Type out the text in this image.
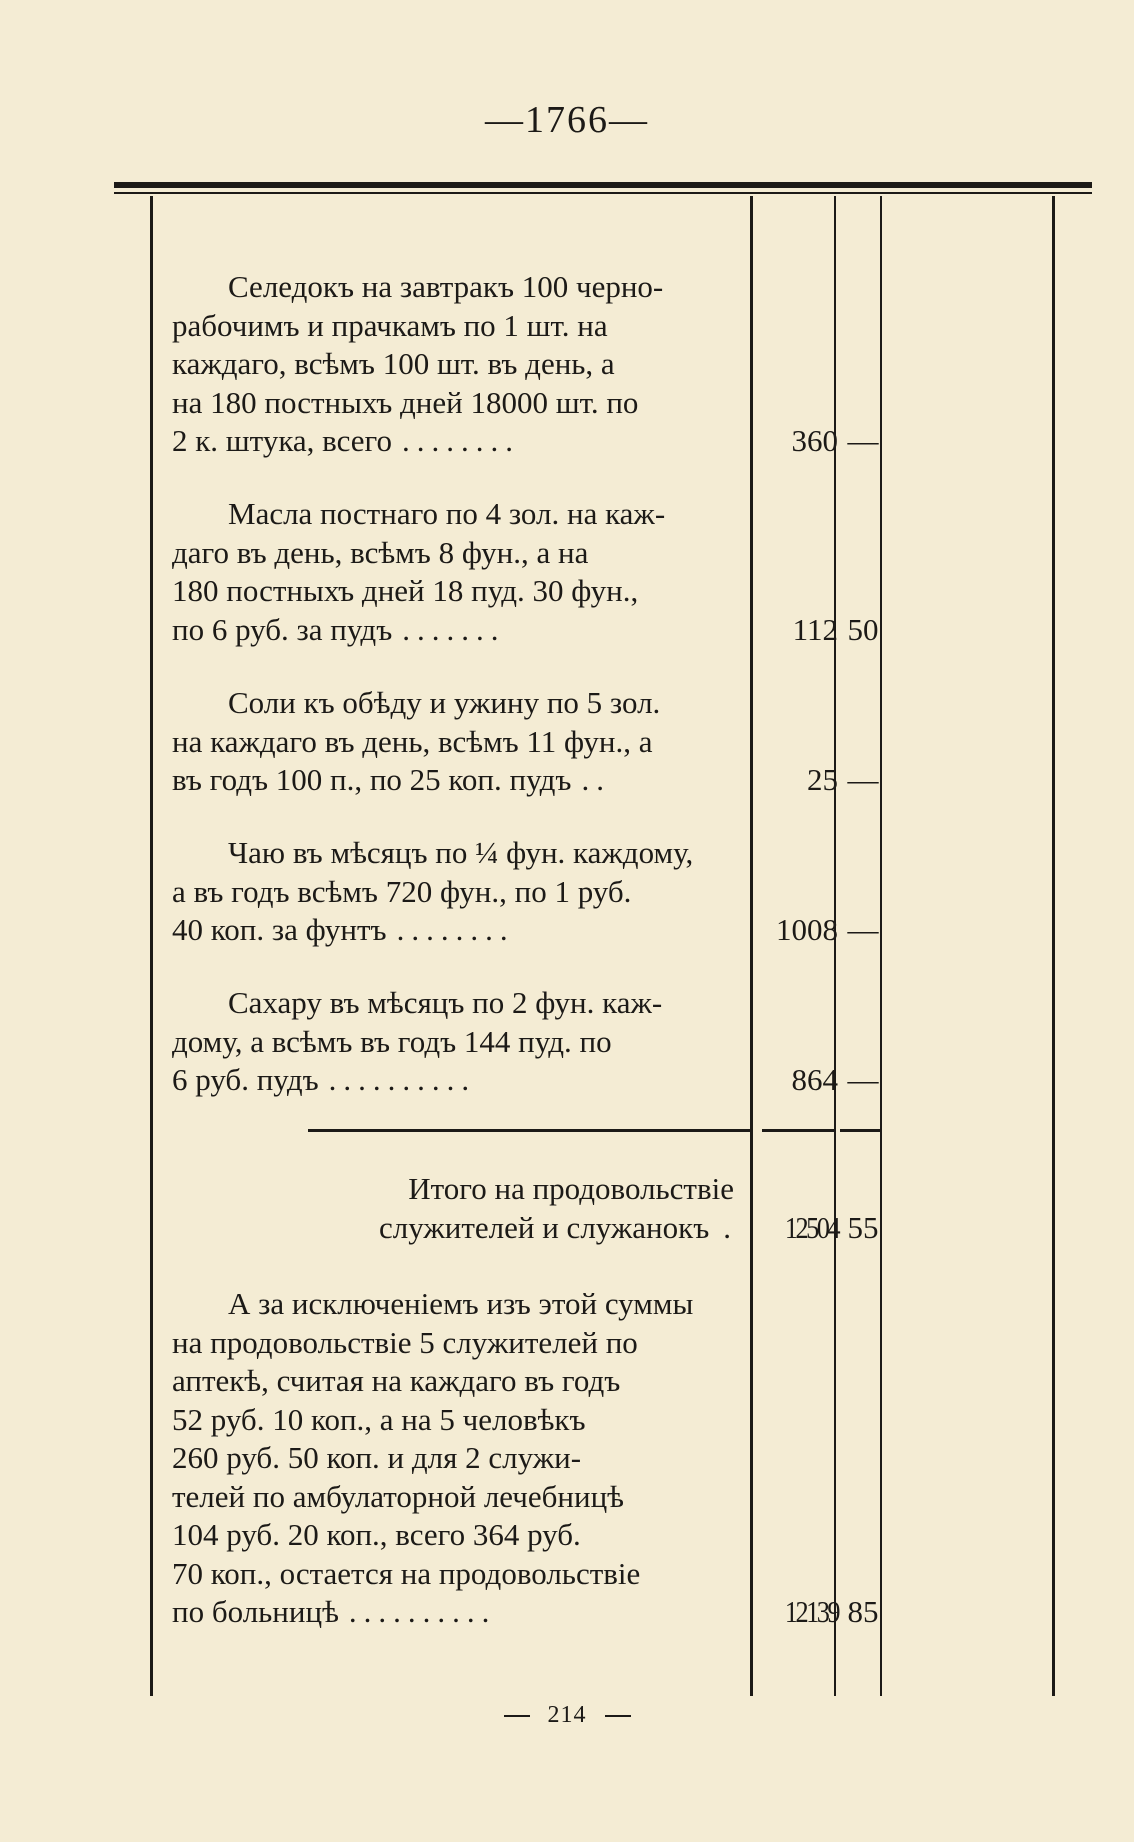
—1766—
Селедокъ на завтракъ 100 черно-
рабочимъ и прачкамъ по 1 шт. на
каждаго, всѣмъ 100 шт. въ день, а
на 180 постныхъ дней 18000 шт. по
2 к. штука, всего ........	360 —
Масла постнаго по 4 зол. на каж-
даго въ день, всѣмъ 8 фун., а на
180 постныхъ дней 18 пуд. 30 фун.,
по 6 руб. за пудъ .......	112 50
Соли къ обѣду и ужину по 5 зол.
на каждаго въ день, всѣмъ 11 фун., а
въ годъ 100 п., по 25 коп. пудъ ..	25 —
Чаю въ мѣсяцъ по ¼ фун. каждому,
а въ годъ всѣмъ 720 фун., по 1 руб.
40 коп. за фунтъ ........	1008 —
Сахару въ мѣсяцъ по 2 фун. каж-
дому, а всѣмъ въ годъ 144 пуд. по
6 руб. пудъ ..........	864 —
Итого на продовольствіе
служителей и служанокъ .	12504 55
А за исключеніемъ изъ этой суммы
на продовольствіе 5 служителей по
аптекѣ, считая на каждаго въ годъ
52 руб. 10 коп., а на 5 человѣкъ
260 руб. 50 коп. и для 2 служи-
телей по амбулаторной лечебницѣ
104 руб. 20 коп., всего 364 руб.
70 коп., остается на продовольствіе
по больницѣ ..........	12139 85
214
